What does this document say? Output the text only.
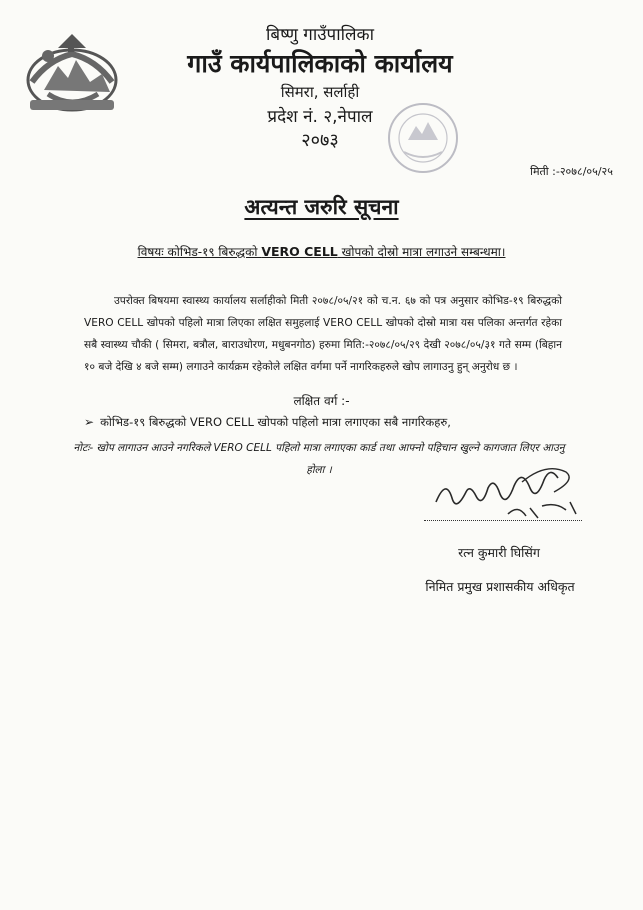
बिष्णु गाउँपालिका
गाउँ कार्यपालिकाको कार्यालय
सिमरा, सर्लाही
प्रदेश नं. २,नेपाल
२०७३
मिती :-२०७८/०५/२५
अत्यन्त जरुरि सूचना
विषयः कोभिड-१९ बिरुद्धको VERO CELL खोपको दोस्रो मात्रा लगाउने सम्बन्धमा।
उपरोक्त बिषयमा स्वास्थ्य कार्यालय सर्लाहीको मिती २०७८/०५/२१ को च.न. ६७ को पत्र अनुसार कोभिड-१९ बिरुद्धको VERO CELL खोपको पहिलो मात्रा लिएका लक्षित समुहलाई VERO CELL खोपको दोस्रो मात्रा यस पलिका अन्तर्गत रहेका सबै स्वास्थ्य चौकी ( सिमरा, बत्रौल, बाराउधोरण, मधुबनगोठ) हरुमा मिति:-२०७८/०५/२९ देखी २०७८/०५/३१ गते सम्म (बिहान १० बजे देखि ४ बजे सम्म) लगाउने कार्यक्रम रहेकोले लक्षित वर्गमा पर्ने नागरिकहरुले खोप लागाउनु हुन् अनुरोध छ ।
लक्षित वर्ग :-
➢ कोभिड-१९ बिरुद्धको VERO CELL खोपको पहिलो मात्रा लगाएका सबै नागरिकहरु,
नोटः- खोप लागाउन आउने नगरिकले VERO CELL पहिलो मात्रा लगाएका कार्ड तथा आफ्नो पहिचान खुल्ने कागजात लिएर आउनु होला ।
रत्न कुमारी घिसिंग
निमित प्रमुख प्रशासकीय अधिकृत
